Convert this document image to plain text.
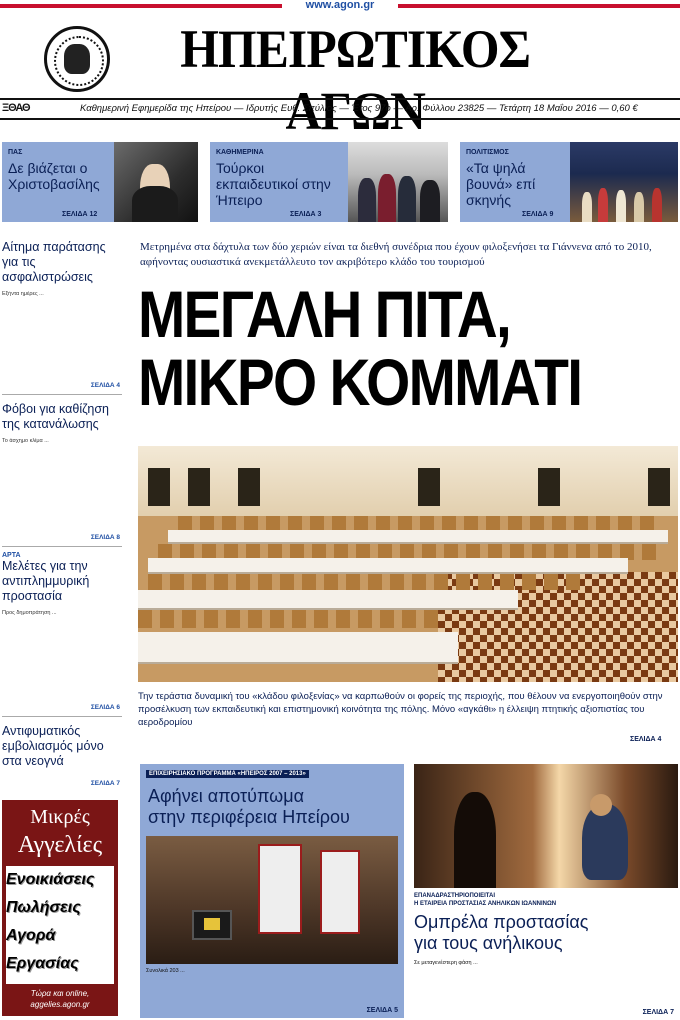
www.agon.gr
ΗΠΕΙΡΩΤΙΚΟΣ ΑΓΩΝ
ΞΘΑΘ	Καθημερινή Εφημερίδα της Ηπείρου — Ιδρυτής Ευθ. Σπύλιος — Έτος 97ο — Αρ. Φύλλου 23825 — Τετάρτη 18 Μαΐου 2016 — 0,60 €
ΠΑΣ
Δε βιάζεται ο Χριστοβασίλης
ΣΕΛΙΔΑ 12
ΚΑΘΗΜΕΡΙΝΑ
Τούρκοι εκπαιδευτικοί στην Ήπειρο
ΣΕΛΙΔΑ 3
ΠΟΛΙΤΙΣΜΟΣ
«Τα ψηλά βουνά» επί σκηνής
ΣΕΛΙΔΑ 9
Αίτημα παράτασης για τις ασφαλιστρώσεις
Εξήντα ημέρες ...
ΣΕΛΙΔΑ 4
Φόβοι για καθίζηση της κατανάλωσης
Το άσχημο κλίμα ...
ΣΕΛΙΔΑ 8
ΑΡΤΑ
Μελέτες για την αντιπλημμυρική προστασία
Προς δημοπράτηση ...
ΣΕΛΙΔΑ 6
Αντιφυματικός εμβολιασμός μόνο στα νεογνά
ΣΕΛΙΔΑ 7
Μικρές
Αγγελίες
Ενοικιάσεις
Πωλήσεις
Αγορά
Εργασίας
Τώρα και online,
aggelies.agon.gr
Μετρημένα στα δάχτυλα των δύο χεριών είναι τα διεθνή συνέδρια που έχουν φιλοξενήσει τα Γιάννενα από το 2010, αφήνοντας ουσιαστικά ανεκμετάλλευτο τον ακριβότερο κλάδο του τουρισμού
ΜΕΓΑΛΗ ΠΙΤΑ,
ΜΙΚΡΟ ΚΟΜΜΑΤΙ
Την τεράστια δυναμική του «κλάδου φιλοξενίας» να καρπωθούν οι φορείς της περιοχής, που θέλουν να ενεργοποιηθούν στην προσέλκυση των εκπαιδευτική και επιστημονική κοινότητα της πόλης. Μόνο «αγκάθι» η έλλειψη πτητικής αξιοπιστίας του αεροδρομίου
ΣΕΛΙΔΑ 4
ΕΠΙΧΕΙΡΗΣΙΑΚΟ ΠΡΟΓΡΑΜΜΑ «ΗΠΕΙΡΟΣ 2007 – 2013»
Αφήνει αποτύπωμα
στην περιφέρεια Ηπείρου
Συνολικά 203 ...
ΣΕΛΙΔΑ 5
ΕΠΑΝΑΔΡΑΣΤΗΡΙΟΠΟΙΕΙΤΑΙ
Η ΕΤΑΙΡΕΙΑ ΠΡΟΣΤΑΣΙΑΣ ΑΝΗΛΙΚΩΝ ΙΩΑΝΝΙΝΩΝ
Ομπρέλα προστασίας
για τους ανήλικους
Σε μεταγενέστερη φάση ...
ΣΕΛΙΔΑ 7
